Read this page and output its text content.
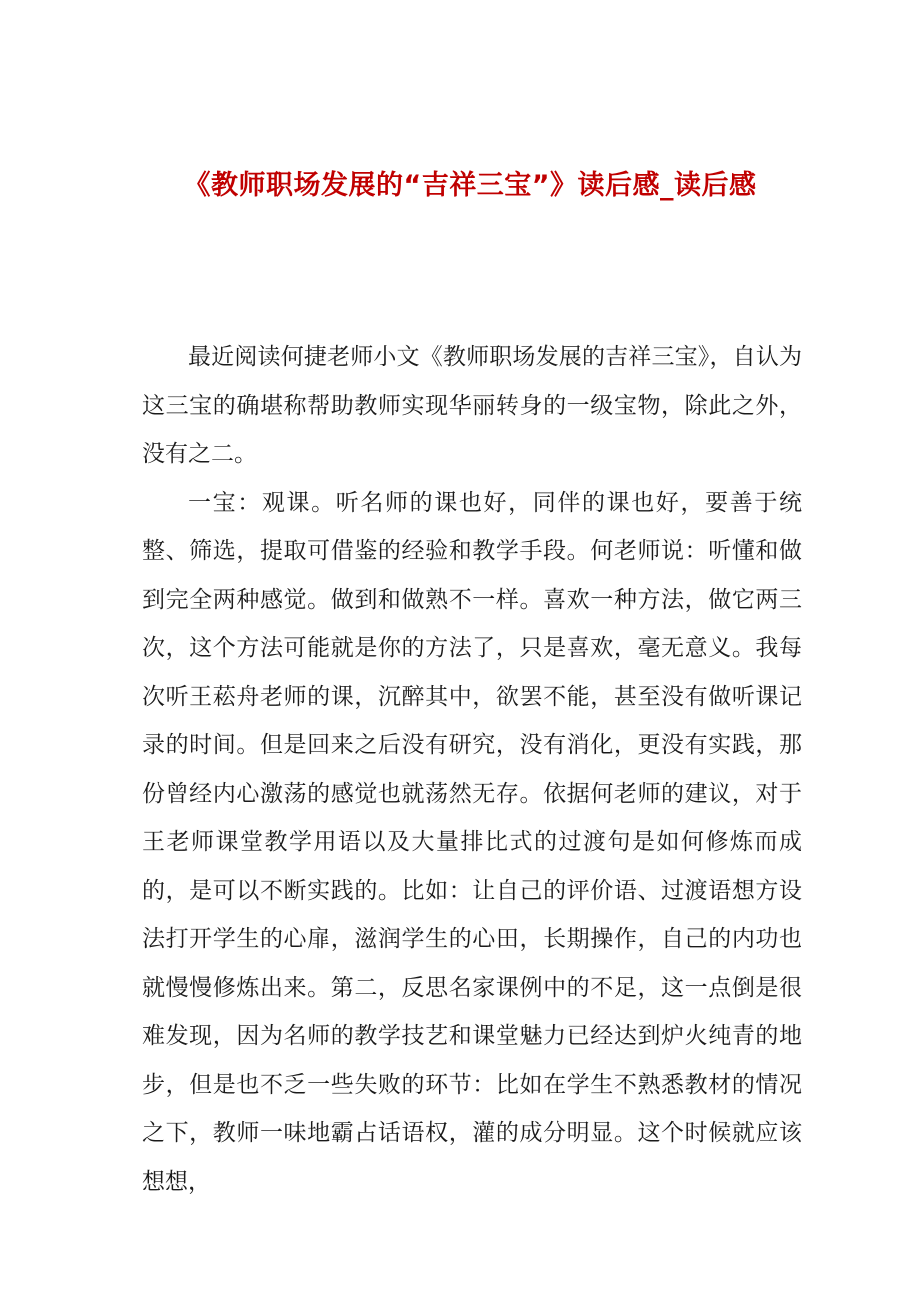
《教师职场发展的“吉祥三宝”》读后感_读后感

最近阅读何捷老师小文《教师职场发展的吉祥三宝》，自认为这三宝的确堪称帮助教师实现华丽转身的一级宝物，除此之外，没有之二。

一宝：观课。听名师的课也好，同伴的课也好，要善于统整、筛选，提取可借鉴的经验和教学手段。何老师说：听懂和做到完全两种感觉。做到和做熟不一样。喜欢一种方法，做它两三次，这个方法可能就是你的方法了，只是喜欢，毫无意义。我每次听王菘舟老师的课，沉醉其中，欲罢不能，甚至没有做听课记录的时间。但是回来之后没有研究，没有消化，更没有实践，那份曾经内心激荡的感觉也就荡然无存。依据何老师的建议，对于王老师课堂教学用语以及大量排比式的过渡句是如何修炼而成的，是可以不断实践的。比如：让自己的评价语、过渡语想方设法打开学生的心扉，滋润学生的心田，长期操作，自己的内功也就慢慢修炼出来。第二，反思名家课例中的不足，这一点倒是很难发现，因为名师的教学技艺和课堂魅力已经达到炉火纯青的地步，但是也不乏一些失败的环节：比如在学生不熟悉教材的情况之下，教师一味地霸占话语权，灌的成分明显。这个时候就应该想想，
